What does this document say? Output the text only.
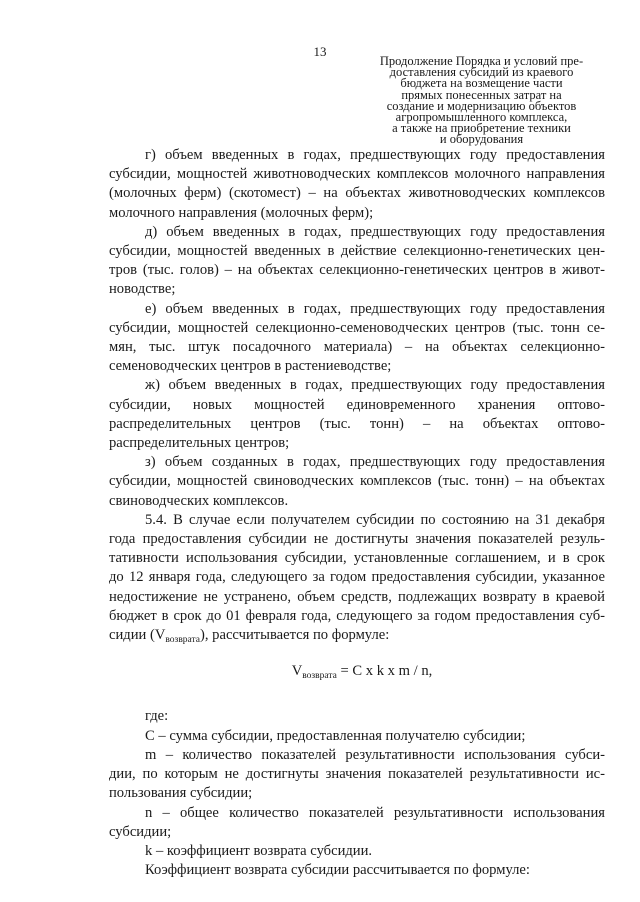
13
Продолжение Порядка и условий пре-
доставления субсидий из краевого
бюджета на возмещение части
прямых понесенных затрат на
создание и модернизацию объектов
агропромышленного комплекса,
а также на приобретение техники
и оборудования
г) объем введенных в годах, предшествующих году предоставления
субсидии, мощностей животноводческих комплексов молочного направления
(молочных ферм) (скотомест) – на объектах животноводческих комплексов
молочного направления (молочных ферм);
д) объем введенных в годах, предшествующих году предоставления
субсидии, мощностей введенных в действие селекционно-генетических цен-
тров (тыс. голов) – на объектах селекционно-генетических центров в живот-
новодстве;
е) объем введенных в годах, предшествующих году предоставления
субсидии, мощностей селекционно-семеноводческих центров (тыс. тонн се-
мян, тыс. штук посадочного материала) – на объектах селекционно-
семеноводческих центров в растениеводстве;
ж) объем введенных в годах, предшествующих году предоставления
субсидии, новых мощностей единовременного хранения оптово-
распределительных центров (тыс. тонн) – на объектах оптово-
распределительных центров;
з) объем созданных в годах, предшествующих году предоставления
субсидии, мощностей свиноводческих комплексов (тыс. тонн) – на объектах
свиноводческих комплексов.
5.4. В случае если получателем субсидии по состоянию на 31 декабря
года предоставления субсидии не достигнуты значения показателей резуль-
тативности использования субсидии, установленные соглашением, и в срок
до 12 января года, следующего за годом предоставления субсидии, указанное
недостижение не устранено, объем средств, подлежащих возврату в краевой
бюджет в срок до 01 февраля года, следующего за годом предоставления суб-
сидии $(V_{возврата})$, рассчитывается по формуле:
$V_{возврата} = C$ x k x m / n,
где:
С – сумма субсидии, предоставленная получателю субсидии;
m – количество показателей результативности использования субси-
дии, по которым не достигнуты значения показателей результативности ис-
пользования субсидии;
n – общее количество показателей результативности использования
субсидии;
k – коэффициент возврата субсидии.
Коэффициент возврата субсидии рассчитывается по формуле:
